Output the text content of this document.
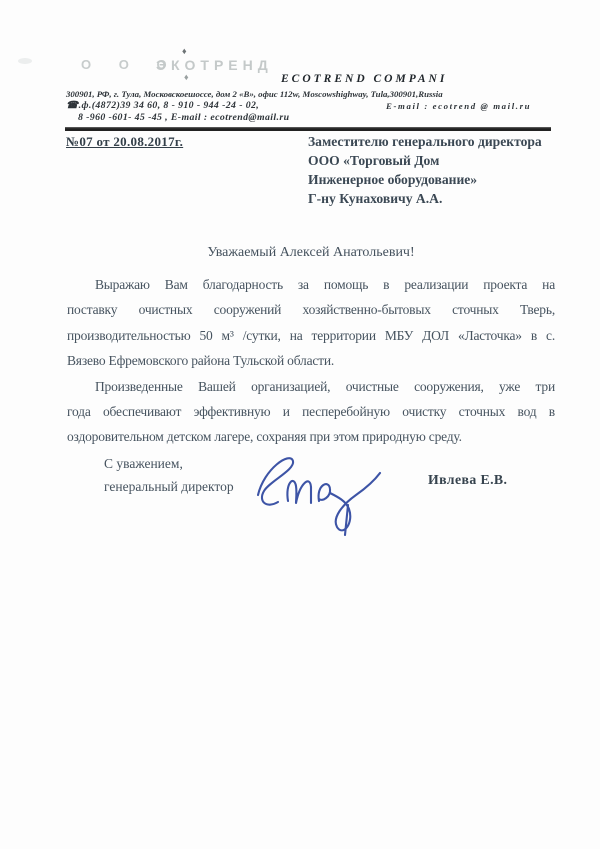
О О О
♦
ЭКОТРЕНД
♦	ECOTREND COMPANI
300901, РФ, г. Тула, Московскоешоссе, дом 2 «В», офис 112w, Moscowshighway, Tula,300901,Russia
☎.ф.(4872)39 34 60, 8 - 910 - 944 -24 - 02,	E-mail : ecotrend @ mail.ru
8 -960 -601- 45 -45 , E-mail : ecotrend@mail.ru
№07 от 20.08.2017г.	Заместителю генерального директора
ООО «Торговый Дом
Инженерное оборудование»
Г-ну Кунаховичу А.А.
Уважаемый Алексей Анатольевич!
Выражаю Вам благодарность за помощь в реализации проекта на
поставку очистных сооружений хозяйственно-бытовых сточных Тверь,
производительностью 50 м³ /сутки, на территории МБУ ДОЛ «Ласточка» в с.
Вязево Ефремовского района Тульской области.
Произведенные Вашей организацией, очистные сооружения, уже три
года обеспечивают эффективную и песперебойную очистку сточных вод в
оздоровительном детском лагере, сохраняя при этом природную среду.
С уважением,
генеральный директор	Ивлева Е.В.
